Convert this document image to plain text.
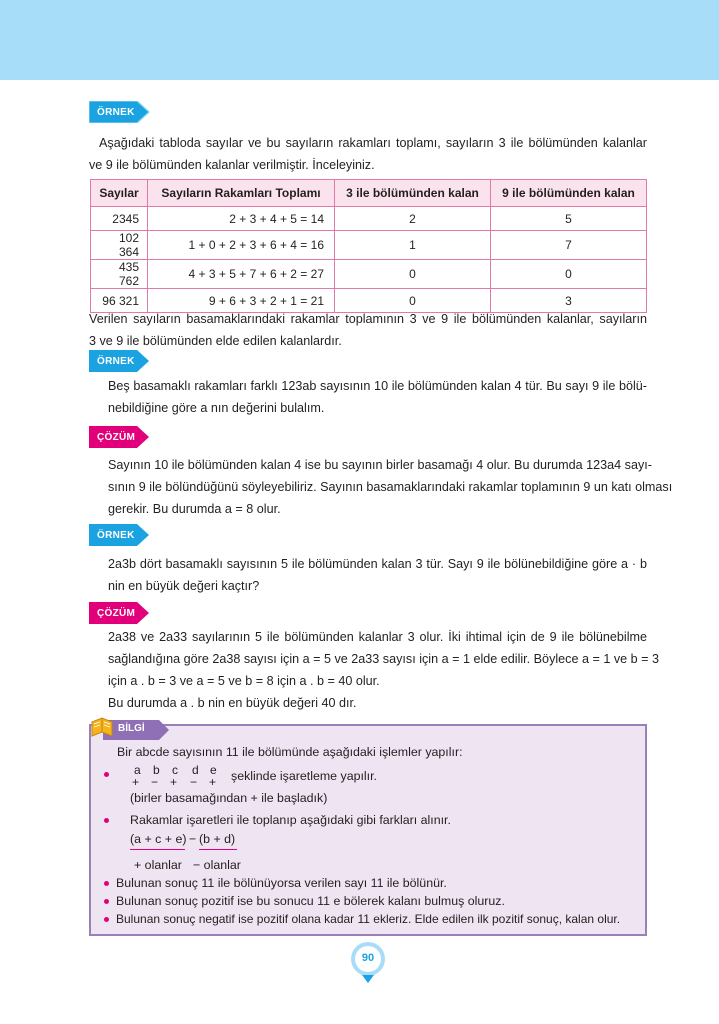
ÖRNEK
Aşağıdaki tabloda sayılar ve bu sayıların rakamları toplamı, sayıların 3 ile bölümünden kalanlar
ve 9 ile bölümünden kalanlar verilmiştir. İnceleyiniz.
Sayılar	Sayıların Rakamları Toplamı	3 ile bölümünden kalan	9 ile bölümünden kalan
2345	2 + 3 + 4 + 5 = 14	2	5
102 364	1 + 0 + 2 + 3 + 6 + 4 = 16	1	7
435 762	4 + 3 + 5 + 7 + 6 + 2 = 27	0	0
96 321	9 + 6 + 3 + 2 + 1 = 21	0	3
Verilen sayıların basamaklarındaki rakamlar toplamının 3 ve 9 ile bölümünden kalanlar, sayıların
3 ve 9 ile bölümünden elde edilen kalanlardır.
ÖRNEK
Beş basamaklı rakamları farklı 123ab sayısının 10 ile bölümünden kalan 4 tür. Bu sayı 9 ile bölü-
nebildiğine göre a nın değerini bulalım.
ÇÖZÜM
Sayının 10 ile bölümünden kalan 4 ise bu sayının birler basamağı 4 olur. Bu durumda 123a4 sayı-
sının 9 ile bölündüğünü söyleyebiliriz. Sayının basamaklarındaki rakamlar toplamının 9 un katı olması
gerekir. Bu durumda a = 8 olur.
ÖRNEK
2a3b dört basamaklı sayısının 5 ile bölümünden kalan 3 tür. Sayı 9 ile bölünebildiğine göre a · b
nin en büyük değeri kaçtır?
ÇÖZÜM
2a38 ve 2a33 sayılarının 5 ile bölümünden kalanlar 3 olur. İki ihtimal için de 9 ile bölünebilme
sağlandığına göre 2a38 sayısı için a = 5 ve 2a33 sayısı için a = 1 elde edilir. Böylece a = 1 ve b = 3
için a . b = 3 ve a = 5 ve b = 8 için a . b = 40 olur.
Bu durumda a . b nin en büyük değeri 40 dır.
BİLGİ
Bir abcde sayısının 11 ile bölümünde aşağıdaki işlemler yapılır:
a b c d e
+ − + − + şeklinde işaretleme yapılır.
(birler basamağından + ile başladık)
Rakamlar işaretleri ile toplanıp aşağıdaki gibi farkları alınır.
(a + c + e) − (b + d)
+ olanlar − olanlar
Bulunan sonuç 11 ile bölünüyorsa verilen sayı 11 ile bölünür.
Bulunan sonuç pozitif ise bu sonucu 11 e bölerek kalanı bulmuş oluruz.
Bulunan sonuç negatif ise pozitif olana kadar 11 ekleriz. Elde edilen ilk pozitif sonuç, kalan olur.
90
